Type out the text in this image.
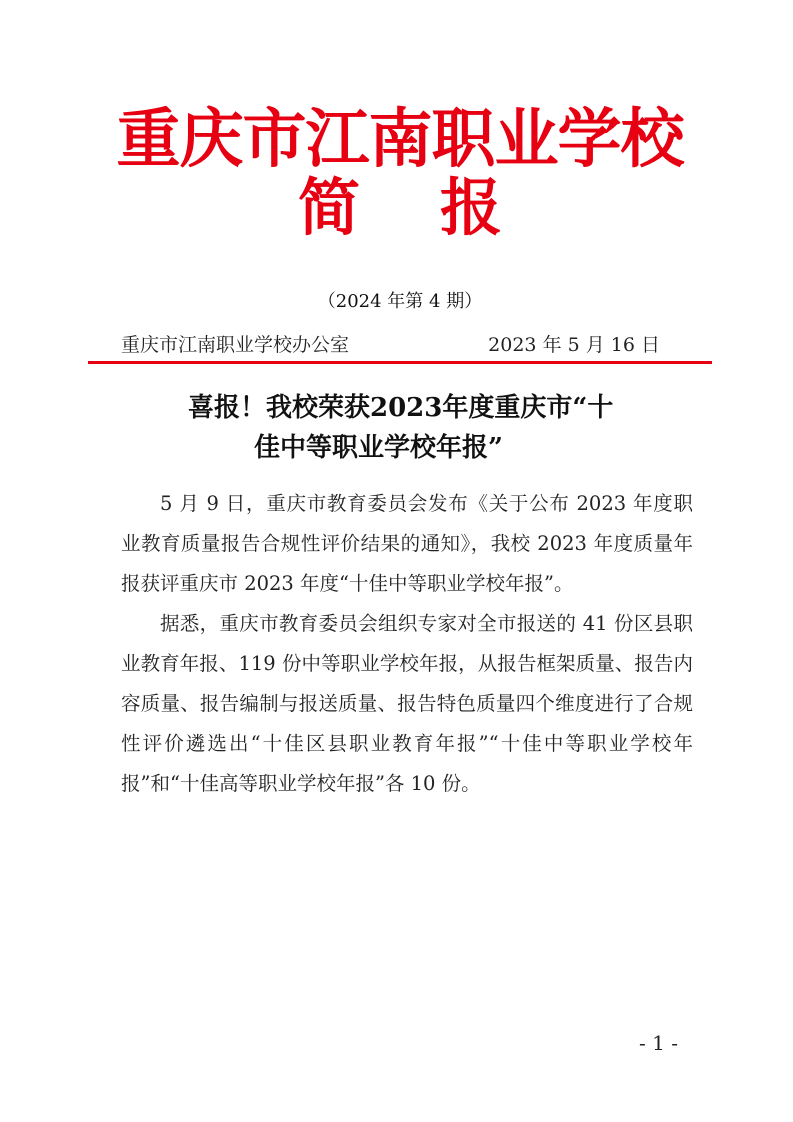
重庆市江南职业学校
简报
（2024 年第 4 期）
重庆市江南职业学校办公室	2023 年 5 月 16 日
喜报！我校荣获2023年度重庆市“十
佳中等职业学校年报”

5 月 9 日，重庆市教育委员会发布《关于公布 2023 年度职业教育质量报告合规性评价结果的通知》，我校 2023 年度质量年报获评重庆市 2023 年度“十佳中等职业学校年报”。

据悉，重庆市教育委员会组织专家对全市报送的 41 份区县职业教育年报、119 份中等职业学校年报，从报告框架质量、报告内容质量、报告编制与报送质量、报告特色质量四个维度进行了合规性评价遴选出“十佳区县职业教育年报”“十佳中等职业学校年报”和“十佳高等职业学校年报”各 10 份。

- 1 -
